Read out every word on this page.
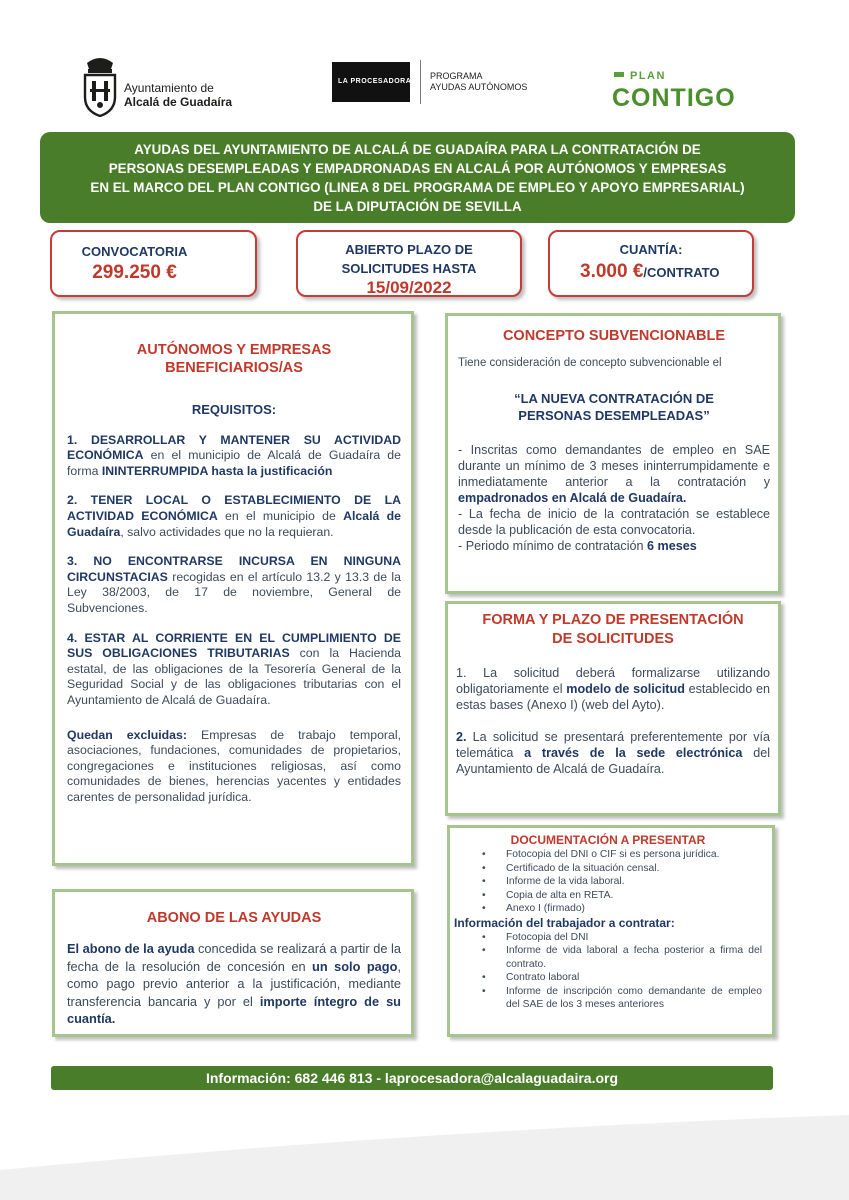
Ayuntamiento de
Alcalá de Guadaíra
LA PROCESADORA
PROGRAMA
AYUDAS AUTÓNOMOS
PLAN
CONTIGO
AYUDAS DEL AYUNTAMIENTO DE ALCALÁ DE GUADAÍRA PARA LA CONTRATACIÓN DE
PERSONAS DESEMPLEADAS Y EMPADRONADAS EN ALCALÁ POR AUTÓNOMOS Y EMPRESAS
EN EL MARCO DEL PLAN CONTIGO (LINEA 8 DEL PROGRAMA DE EMPLEO Y APOYO EMPRESARIAL)
DE LA DIPUTACIÓN DE SEVILLA
CONVOCATORIA
299.250 €
ABIERTO PLAZO DE
SOLICITUDES HASTA
15/09/2022
CUANTÍA:
3.000 €/CONTRATO
AUTÓNOMOS Y EMPRESAS
BENEFICIARIOS/AS
REQUISITOS:
1. DESARROLLAR Y MANTENER SU ACTIVIDAD ECONÓMICA en el municipio de Alcalá de Guadaíra de forma ININTERRUMPIDA hasta la justificación
2. TENER LOCAL O ESTABLECIMIENTO DE LA ACTIVIDAD ECONÓMICA en el municipio de Alcalá de Guadaíra, salvo actividades que no la requieran.
3. NO ENCONTRARSE INCURSA EN NINGUNA CIRCUNSTACIAS recogidas en el artículo 13.2 y 13.3 de la Ley 38/2003, de 17 de noviembre, General de Subvenciones.
4. ESTAR AL CORRIENTE EN EL CUMPLIMIENTO DE SUS OBLIGACIONES TRIBUTARIAS con la Hacienda estatal, de las obligaciones de la Tesorería General de la Seguridad Social y de las obligaciones tributarias con el Ayuntamiento de Alcalá de Guadaíra.
Quedan excluidas: Empresas de trabajo temporal, asociaciones, fundaciones, comunidades de propietarios, congregaciones e instituciones religiosas, así como comunidades de bienes, herencias yacentes y entidades carentes de personalidad jurídica.
ABONO DE LAS AYUDAS
El abono de la ayuda concedida se realizará a partir de la fecha de la resolución de concesión en un solo pago, como pago previo anterior a la justificación, mediante transferencia bancaria y por el importe íntegro de su cuantía.
CONCEPTO SUBVENCIONABLE
Tiene consideración de concepto subvencionable el
“LA NUEVA CONTRATACIÓN DE
PERSONAS DESEMPLEADAS”
- Inscritas como demandantes de empleo en SAE durante un mínimo de 3 meses ininterrumpidamente e inmediatamente anterior a la contratación y empadronados en Alcalá de Guadaíra.
- La fecha de inicio de la contratación se establece desde la publicación de esta convocatoria.
- Periodo mínimo de contratación 6 meses
FORMA Y PLAZO DE PRESENTACIÓN
DE SOLICITUDES
1. La solicitud deberá formalizarse utilizando obligatoriamente el modelo de solicitud establecido en estas bases (Anexo I) (web del Ayto).
2. La solicitud se presentará preferentemente por vía telemática a través de la sede electrónica del Ayuntamiento de Alcalá de Guadaíra.
DOCUMENTACIÓN A PRESENTAR
• Fotocopia del DNI o CIF si es persona jurídica.
• Certificado de la situación censal.
• Informe de la vida laboral.
• Copia de alta en RETA.
• Anexo I (firmado)
Información del trabajador a contratar:
• Fotocopia del DNI
• Informe de vida laboral a fecha posterior a firma del contrato.
• Contrato laboral
• Informe de inscripción como demandante de empleo del SAE de los 3 meses anteriores
Información: 682 446 813 - laprocesadora@alcalaguadaira.org
